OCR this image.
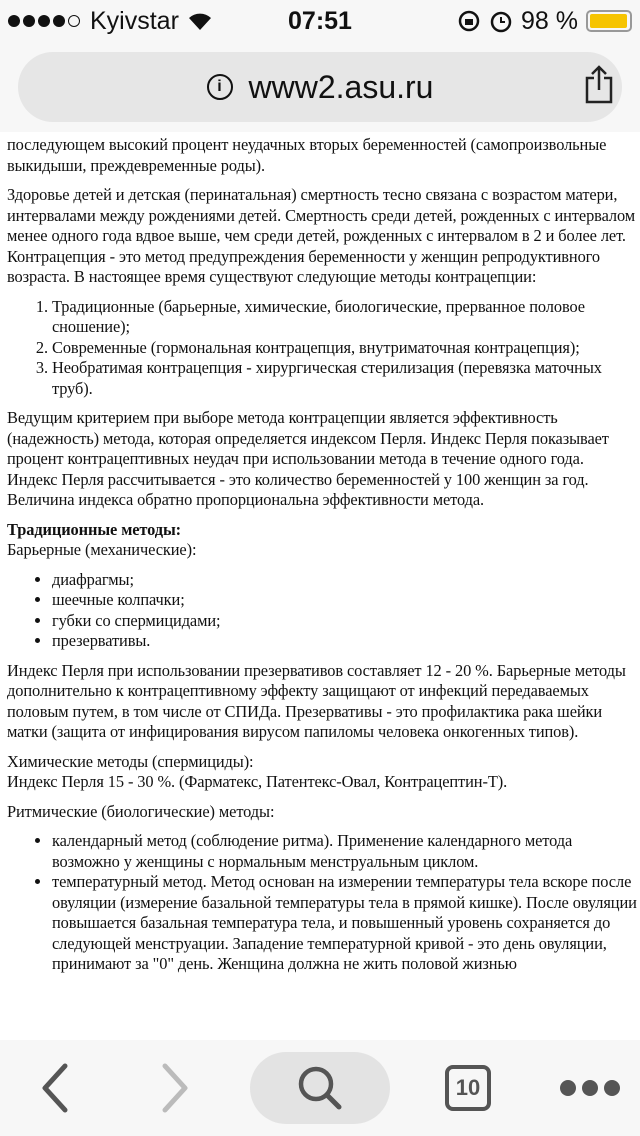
Kyivstar	07:51	98 %
i www2.asu.ru

последующем высокий процент неудачных вторых беременностей (самопроизвольные выкидыши, преждевременные роды).

Здоровье детей и детская (перинатальная) смертность тесно связана с возрастом матери, интервалами между рождениями детей. Смертность среди детей, рожденных с интервалом менее одного года вдвое выше, чем среди детей, рожденных с интервалом в 2 и более лет. Контрацепция - это метод предупреждения беременности у женщин репродуктивного возраста. В настоящее время существуют следующие методы контрацепции:

1. Традиционные (барьерные, химические, биологические, прерванное половое сношение);
2. Современные (гормональная контрацепция, внутриматочная контрацепция);
3. Необратимая контрацепция - хирургическая стерилизация (перевязка маточных труб).

Ведущим критерием при выборе метода контрацепции является эффективность (надежность) метода, которая определяется индексом Перля. Индекс Перля показывает процент контрацептивных неудач при использовании метода в течение одного года. Индекс Перля рассчитывается - это количество беременностей у 100 женщин за год. Величина индекса обратно пропорциональна эффективности метода.

Традиционные методы:

Барьерные (механические):

• диафрагмы;
• шеечные колпачки;
• губки со спермицидами;
• презервативы.

Индекс Перля при использовании презервативов составляет 12 - 20 %. Барьерные методы дополнительно к контрацептивному эффекту защищают от инфекций передаваемых половым путем, в том числе от СПИДа. Презервативы - это профилактика рака шейки матки (защита от инфицирования вирусом папиломы человека онкогенных типов).

Химические методы (спермициды):

Индекс Перля 15 - 30 %. (Фарматекс, Патентекс-Овал, Контрацептин-Т).

Ритмические (биологические) методы:

• календарный метод (соблюдение ритма). Применение календарного метода возможно у женщины с нормальным менструальным циклом.
• температурный метод. Метод основан на измерении температуры тела вскоре после овуляции (измерение базальной температуры тела в прямой кишке). После овуляции повышается базальная температура тела, и повышенный уровень сохраняется до следующей менструации. Западение температурной кривой - это день овуляции, принимают за "0" день. Женщина должна не жить половой жизнью
10
